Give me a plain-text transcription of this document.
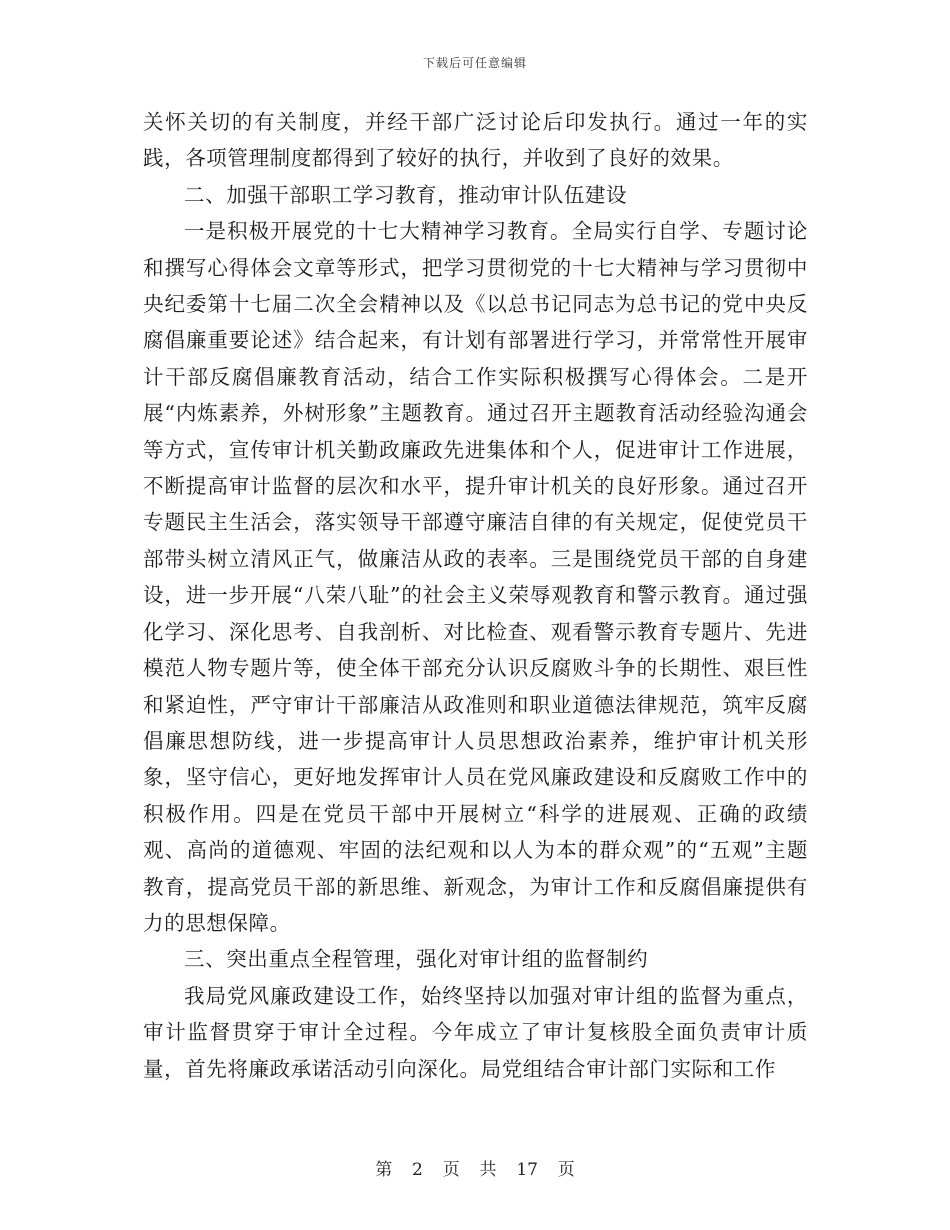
下载后可任意编辑

关怀关切的有关制度，并经干部广泛讨论后印发执行。通过一年的实践，各项管理制度都得到了较好的执行，并收到了良好的效果。

二、加强干部职工学习教育，推动审计队伍建设

一是积极开展党的十七大精神学习教育。全局实行自学、专题讨论和撰写心得体会文章等形式，把学习贯彻党的十七大精神与学习贯彻中央纪委第十七届二次全会精神以及《以总书记同志为总书记的党中央反腐倡廉重要论述》结合起来，有计划有部署进行学习，并常常性开展审计干部反腐倡廉教育活动，结合工作实际积极撰写心得体会。二是开展“内炼素养，外树形象”主题教育。通过召开主题教育活动经验沟通会等方式，宣传审计机关勤政廉政先进集体和个人，促进审计工作进展，不断提高审计监督的层次和水平，提升审计机关的良好形象。通过召开专题民主生活会，落实领导干部遵守廉洁自律的有关规定，促使党员干部带头树立清风正气，做廉洁从政的表率。三是围绕党员干部的自身建设，进一步开展“八荣八耻”的社会主义荣辱观教育和警示教育。通过强化学习、深化思考、自我剖析、对比检查、观看警示教育专题片、先进模范人物专题片等，使全体干部充分认识反腐败斗争的长期性、艰巨性和紧迫性，严守审计干部廉洁从政准则和职业道德法律规范，筑牢反腐倡廉思想防线，进一步提高审计人员思想政治素养，维护审计机关形象，坚守信心，更好地发挥审计人员在党风廉政建设和反腐败工作中的积极作用。四是在党员干部中开展树立“科学的进展观、正确的政绩观、高尚的道德观、牢固的法纪观和以人为本的群众观”的“五观”主题教育，提高党员干部的新思维、新观念，为审计工作和反腐倡廉提供有力的思想保障。

三、突出重点全程管理，强化对审计组的监督制约

我局党风廉政建设工作，始终坚持以加强对审计组的监督为重点，审计监督贯穿于审计全过程。今年成立了审计复核股全面负责审计质量，首先将廉政承诺活动引向深化。局党组结合审计部门实际和工作

第 2 页 共 17 页
